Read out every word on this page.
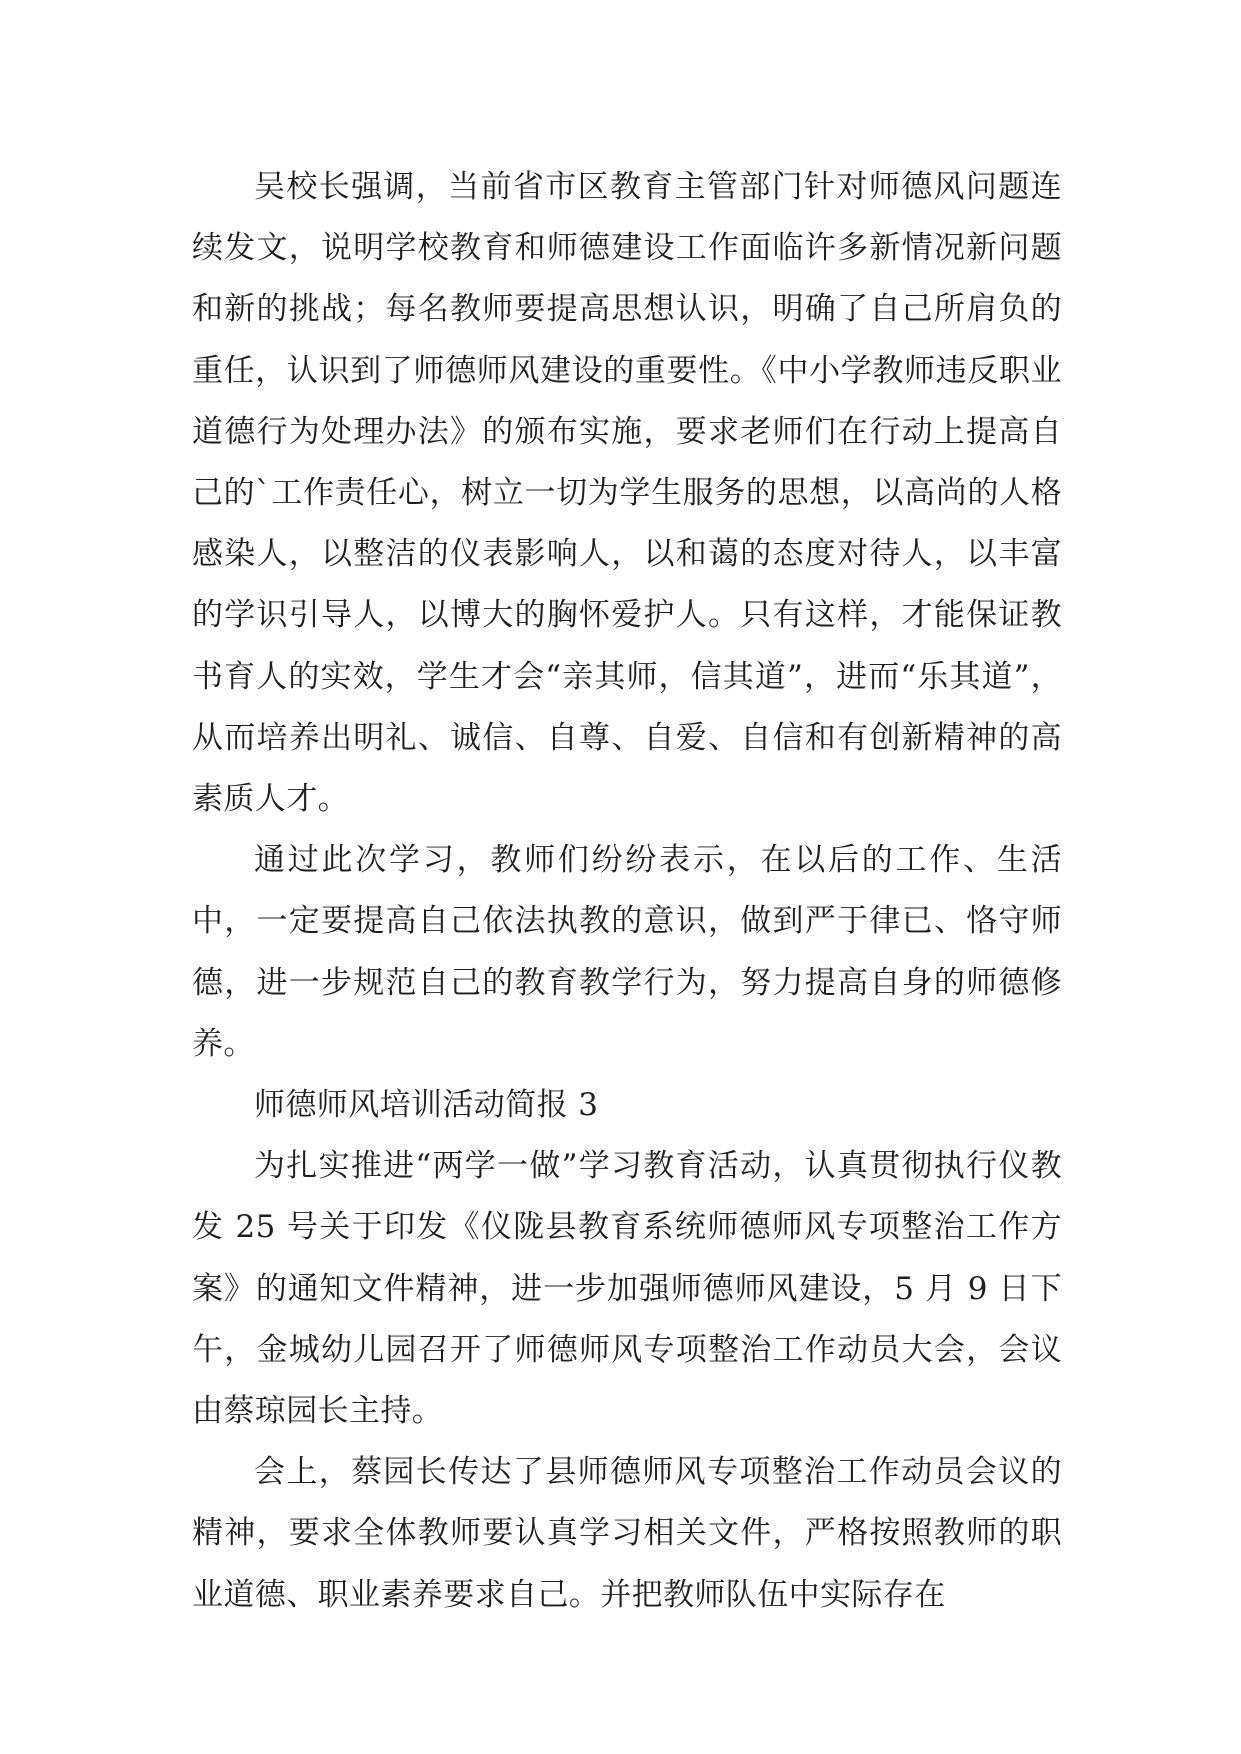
吴校长强调，当前省市区教育主管部门针对师德风问题连续发文，说明学校教育和师德建设工作面临许多新情况新问题和新的挑战；每名教师要提高思想认识，明确了自己所肩负的重任，认识到了师德师风建设的重要性。《中小学教师违反职业道德行为处理办法》的颁布实施，要求老师们在行动上提高自己的`工作责任心，树立一切为学生服务的思想，以高尚的人格感染人，以整洁的仪表影响人，以和蔼的态度对待人，以丰富的学识引导人，以博大的胸怀爱护人。只有这样，才能保证教书育人的实效，学生才会“亲其师，信其道”，进而“乐其道”，从而培养出明礼、诚信、自尊、自爱、自信和有创新精神的高素质人才。

通过此次学习，教师们纷纷表示，在以后的工作、生活中，一定要提高自己依法执教的意识，做到严于律已、恪守师德，进一步规范自己的教育教学行为，努力提高自身的师德修养。

师德师风培训活动简报 3

为扎实推进“两学一做”学习教育活动，认真贯彻执行仪教发 25 号关于印发《仪陇县教育系统师德师风专项整治工作方案》的通知文件精神，进一步加强师德师风建设，5 月 9 日下午，金城幼儿园召开了师德师风专项整治工作动员大会，会议由蔡琼园长主持。

会上，蔡园长传达了县师德师风专项整治工作动员会议的精神，要求全体教师要认真学习相关文件，严格按照教师的职业道德、职业素养要求自己。并把教师队伍中实际存在
